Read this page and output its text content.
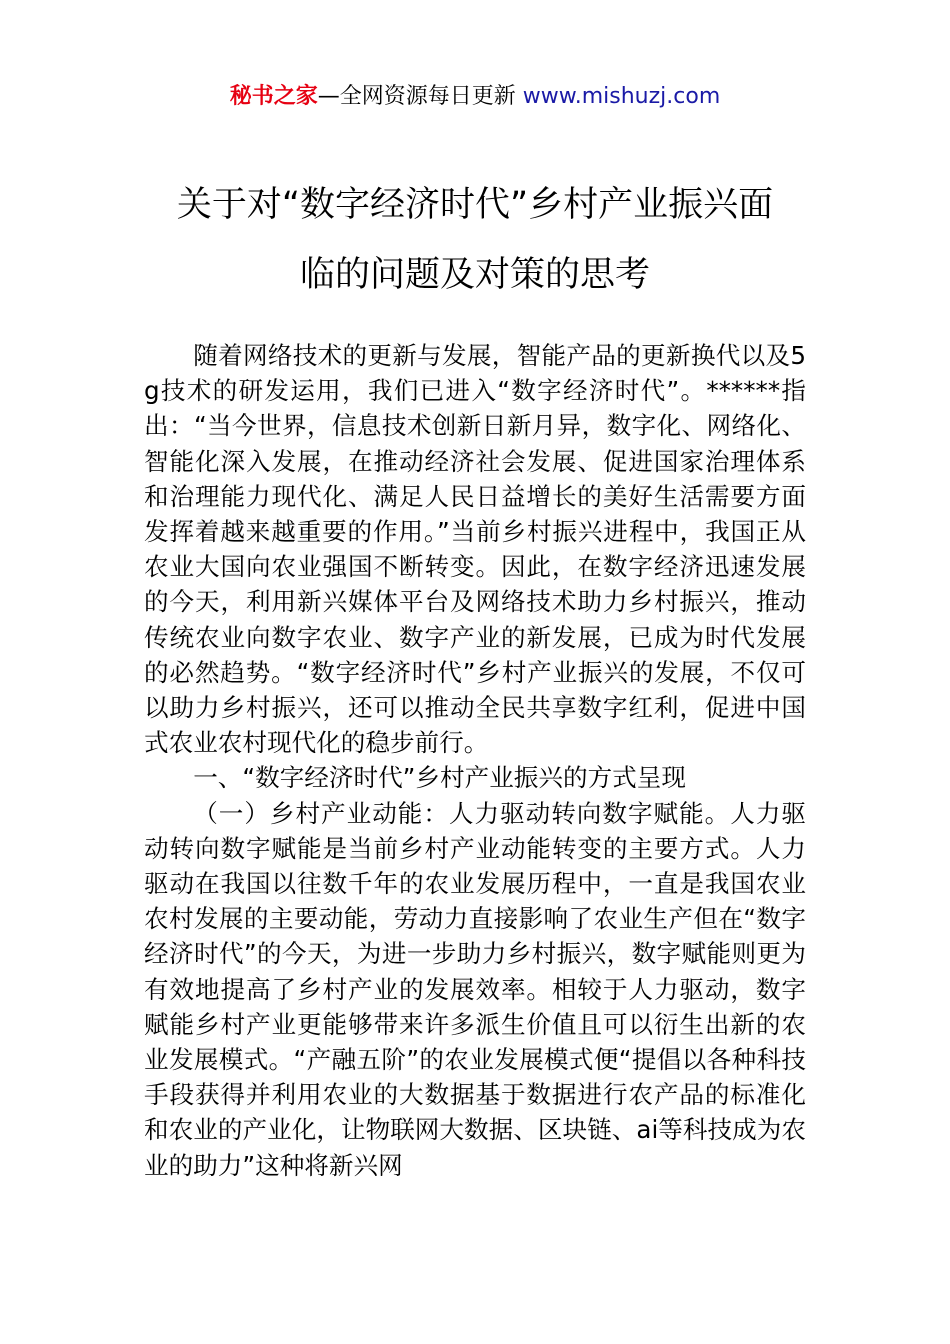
秘书之家—全网资源每日更新 www.mishuzj.com
关于对“数字经济时代”乡村产业振兴面
临的问题及对策的思考

随着网络技术的更新与发展，智能产品的更新换代以及5g技术的研发运用，我们已进入“数字经济时代”。******指出：“当今世界，信息技术创新日新月异，数字化、网络化、智能化深入发展，在推动经济社会发展、促进国家治理体系和治理能力现代化、满足人民日益增长的美好生活需要方面发挥着越来越重要的作用。”当前乡村振兴进程中，我国正从农业大国向农业强国不断转变。因此，在数字经济迅速发展的今天，利用新兴媒体平台及网络技术助力乡村振兴，推动传统农业向数字农业、数字产业的新发展，已成为时代发展的必然趋势。“数字经济时代”乡村产业振兴的发展，不仅可以助力乡村振兴，还可以推动全民共享数字红利，促进中国式农业农村现代化的稳步前行。

一、“数字经济时代”乡村产业振兴的方式呈现

（一）乡村产业动能：人力驱动转向数字赋能。人力驱动转向数字赋能是当前乡村产业动能转变的主要方式。人力驱动在我国以往数千年的农业发展历程中，一直是我国农业农村发展的主要动能，劳动力直接影响了农业生产但在“数字经济时代”的今天，为进一步助力乡村振兴，数字赋能则更为有效地提高了乡村产业的发展效率。相较于人力驱动，数字赋能乡村产业更能够带来许多派生价值且可以衍生出新的农业发展模式。“产融五阶”的农业发展模式便“提倡以各种科技手段获得并利用农业的大数据基于数据进行农产品的标准化和农业的产业化，让物联网大数据、区块链、ai等科技成为农业的助力”这种将新兴网
